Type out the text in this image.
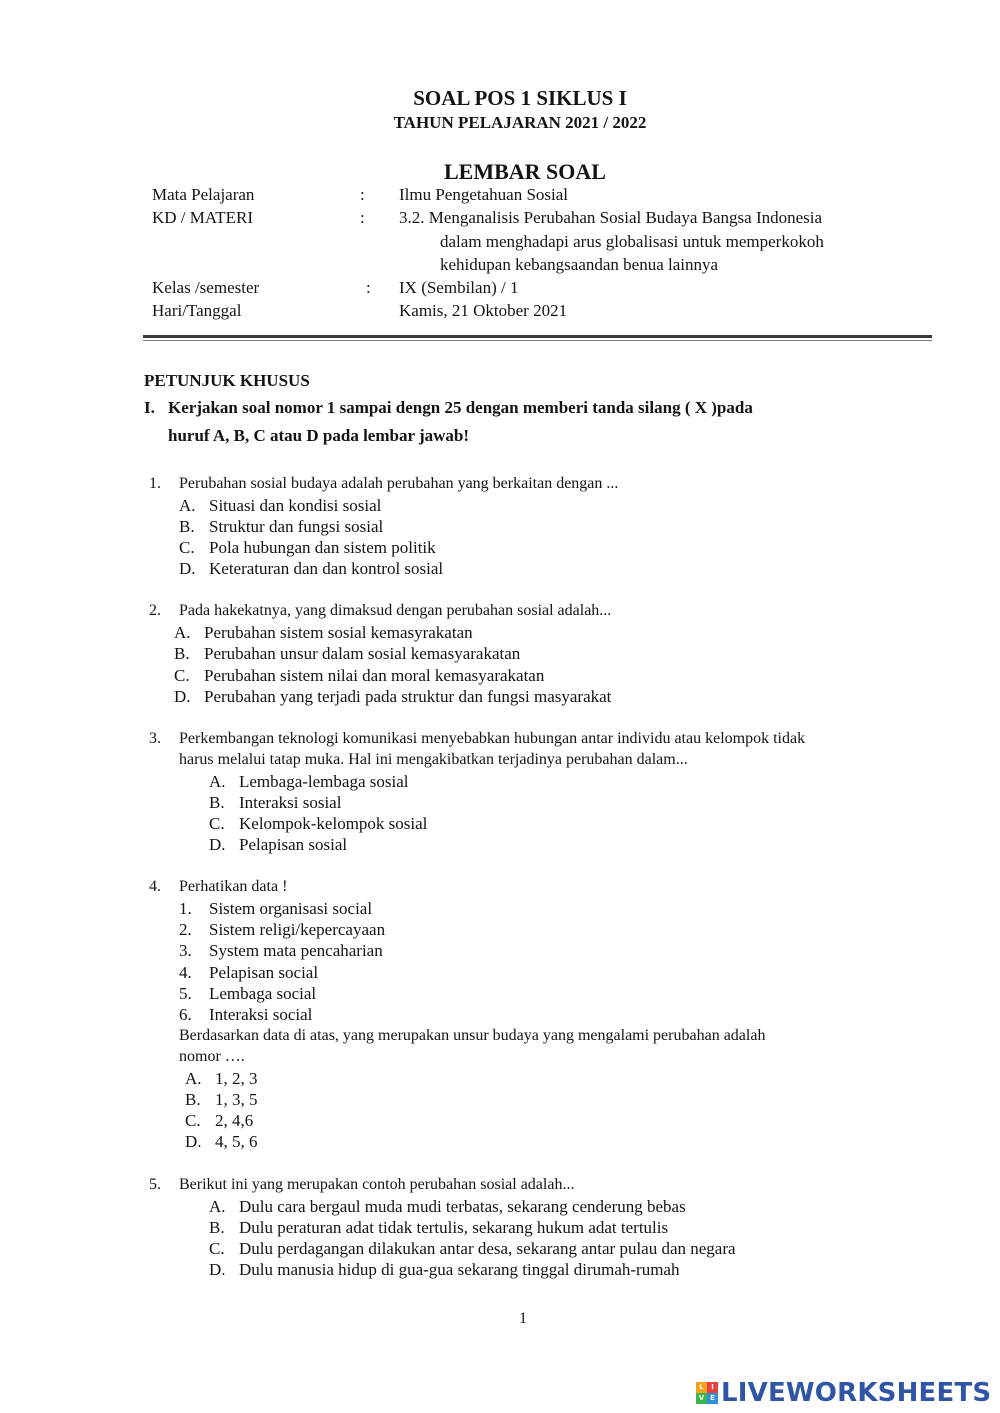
SOAL POS 1 SIKLUS I
TAHUN PELAJARAN 2021 / 2022
LEMBAR SOAL
Mata Pelajaran	: Ilmu Pengetahuan Sosial
KD / MATERI	: 3.2. Menganalisis Perubahan Sosial Budaya Bangsa Indonesia
dalam menghadapi arus globalisasi untuk memperkokoh
kehidupan kebangsaandan benua lainnya
Kelas /semester	: IX (Sembilan) / 1
Hari/Tanggal	Kamis, 21 Oktober 2021
PETUNJUK KHUSUS
I. Kerjakan soal nomor 1 sampai dengn 25 dengan memberi tanda silang ( X )pada
huruf A, B, C atau D pada lembar jawab!
1. Perubahan sosial budaya adalah perubahan yang berkaitan dengan ...
A. Situasi dan kondisi sosial
B. Struktur dan fungsi sosial
C. Pola hubungan dan sistem politik
D. Keteraturan dan dan kontrol sosial
2. Pada hakekatnya, yang dimaksud dengan perubahan sosial adalah...
A. Perubahan sistem sosial kemasyrakatan
B. Perubahan unsur dalam sosial kemasyarakatan
C. Perubahan sistem nilai dan moral kemasyarakatan
D. Perubahan yang terjadi pada struktur dan fungsi masyarakat
3. Perkembangan teknologi komunikasi menyebabkan hubungan antar individu atau kelompok tidak
harus melalui tatap muka. Hal ini mengakibatkan terjadinya perubahan dalam...
A. Lembaga-lembaga sosial
B. Interaksi sosial
C. Kelompok-kelompok sosial
D. Pelapisan sosial
4. Perhatikan data !
1. Sistem organisasi social
2. Sistem religi/kepercayaan
3. System mata pencaharian
4. Pelapisan social
5. Lembaga social
6. Interaksi social
Berdasarkan data di atas, yang merupakan unsur budaya yang mengalami perubahan adalah
nomor ….
A. 1, 2, 3
B. 1, 3, 5
C. 2, 4,6
D. 4, 5, 6
5. Berikut ini yang merupakan contoh perubahan sosial adalah...
A. Dulu cara bergaul muda mudi terbatas, sekarang cenderung bebas
B. Dulu peraturan adat tidak tertulis, sekarang hukum adat tertulis
C. Dulu perdagangan dilakukan antar desa, sekarang antar pulau dan negara
D. Dulu manusia hidup di gua-gua sekarang tinggal dirumah-rumah
1
L	I
V E LIVEWORKSHEETS
